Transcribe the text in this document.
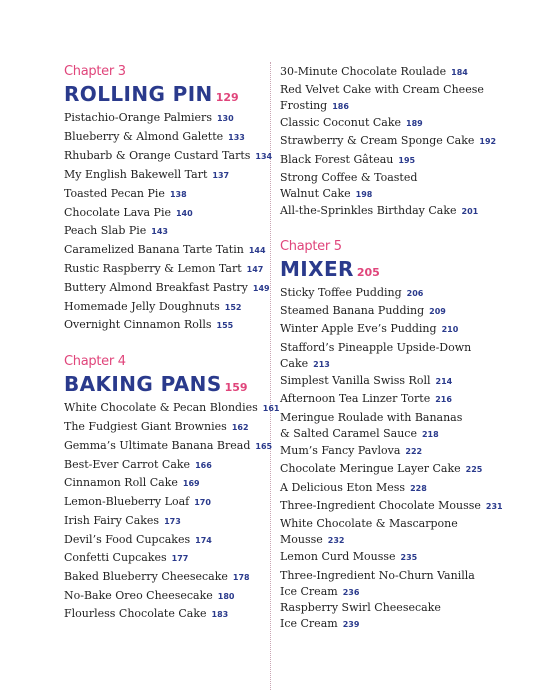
Chapter 3
ROLLING PIN 129
Pistachio-Orange Palmiers 130
Blueberry & Almond Galette 133
Rhubarb & Orange Custard Tarts 134
My English Bakewell Tart 137
Toasted Pecan Pie 138
Chocolate Lava Pie 140
Peach Slab Pie 143
Caramelized Banana Tarte Tatin 144
Rustic Raspberry & Lemon Tart 147
Buttery Almond Breakfast Pastry 149
Homemade Jelly Doughnuts 152
Overnight Cinnamon Rolls 155
Chapter 4
BAKING PANS 159
White Chocolate & Pecan Blondies 161
The Fudgiest Giant Brownies 162
Gemma’s Ultimate Banana Bread 165
Best-Ever Carrot Cake 166
Cinnamon Roll Cake 169
Lemon-Blueberry Loaf 170
Irish Fairy Cakes 173
Devil’s Food Cupcakes 174
Confetti Cupcakes 177
Baked Blueberry Cheesecake 178
No-Bake Oreo Cheesecake 180
Flourless Chocolate Cake 183
30-Minute Chocolate Roulade 184
Red Velvet Cake with Cream Cheese
Frosting 186
Classic Coconut Cake 189
Strawberry & Cream Sponge Cake 192
Black Forest Gâteau 195
Strong Coffee & Toasted
Walnut Cake 198
All-the-Sprinkles Birthday Cake 201
Chapter 5
MIXER 205
Sticky Toffee Pudding 206
Steamed Banana Pudding 209
Winter Apple Eve’s Pudding 210
Stafford’s Pineapple Upside-Down
Cake 213
Simplest Vanilla Swiss Roll 214
Afternoon Tea Linzer Torte 216
Meringue Roulade with Bananas
& Salted Caramel Sauce 218
Mum’s Fancy Pavlova 222
Chocolate Meringue Layer Cake 225
A Delicious Eton Mess 228
Three-Ingredient Chocolate Mousse 231
White Chocolate & Mascarpone
Mousse 232
Lemon Curd Mousse 235
Three-Ingredient No-Churn Vanilla
Ice Cream 236
Raspberry Swirl Cheesecake
Ice Cream 239
